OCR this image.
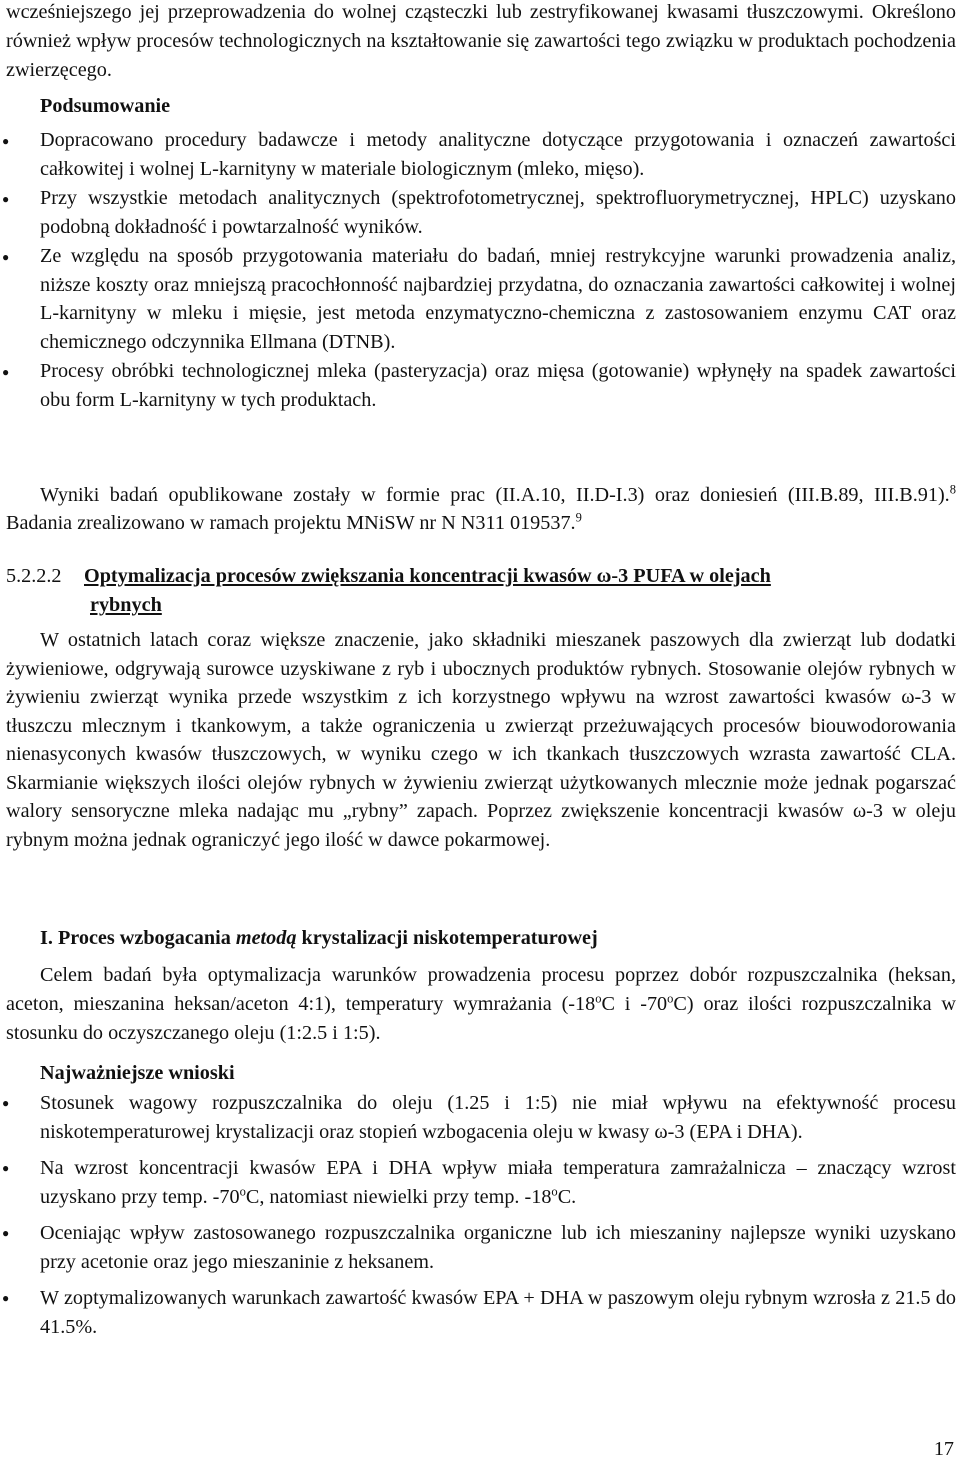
wcześniejszego jej przeprowadzenia do wolnej cząsteczki lub zestryfikowanej kwasami tłuszczowymi. Określono również wpływ procesów technologicznych na kształtowanie się zawartości tego związku w produktach pochodzenia zwierzęcego.

Podsumowanie
● Dopracowano procedury badawcze i metody analityczne dotyczące przygotowania i oznaczeń zawartości całkowitej i wolnej L-karnityny w materiale biologicznym (mleko, mięso).
● Przy wszystkie metodach analitycznych (spektrofotometrycznej, spektrofluorymetrycznej, HPLC) uzyskano podobną dokładność i powtarzalność wyników.
● Ze względu na sposób przygotowania materiału do badań, mniej restrykcyjne warunki prowadzenia analiz, niższe koszty oraz mniejszą pracochłonność najbardziej przydatna, do oznaczania zawartości całkowitej i wolnej L-karnityny w mleku i mięsie, jest metoda enzymatyczno-chemiczna z zastosowaniem enzymu CAT oraz chemicznego odczynnika Ellmana (DTNB).
● Procesy obróbki technologicznej mleka (pasteryzacja) oraz mięsa (gotowanie) wpłynęły na spadek zawartości obu form L-karnityny w tych produktach.

Wyniki badań opublikowane zostały w formie prac (II.A.10, II.D-I.3) oraz doniesień (III.B.89, III.B.91).$^8$ Badania zrealizowano w ramach projektu MNiSW nr N N311 019537.$^9$

5.2.2.2 Optymalizacja procesów zwiększania koncentracji kwasów ω-3 PUFA w olejach
rybnych

W ostatnich latach coraz większe znaczenie, jako składniki mieszanek paszowych dla zwierząt lub dodatki żywieniowe, odgrywają surowce uzyskiwane z ryb i ubocznych produktów rybnych. Stosowanie olejów rybnych w żywieniu zwierząt wynika przede wszystkim z ich korzystnego wpływu na wzrost zawartości kwasów ω-3 w tłuszczu mlecznym i tkankowym, a także ograniczenia u zwierząt przeżuwających procesów biouwodorowania nienasyconych kwasów tłuszczowych, w wyniku czego w ich tkankach tłuszczowych wzrasta zawartość CLA. Skarmianie większych ilości olejów rybnych w żywieniu zwierząt użytkowanych mlecznie może jednak pogarszać walory sensoryczne mleka nadając mu „rybny” zapach. Poprzez zwiększenie koncentracji kwasów ω-3 w oleju rybnym można jednak ograniczyć jego ilość w dawce pokarmowej.

I. Proces wzbogacania metodą krystalizacji niskotemperaturowej

Celem badań była optymalizacja warunków prowadzenia procesu poprzez dobór rozpuszczalnika (heksan, aceton, mieszanina heksan/aceton 4:1), temperatury wymrażania (-18$^o$C i -70$^o$C) oraz ilości rozpuszczalnika w stosunku do oczyszczanego oleju (1:2.5 i 1:5).

Najważniejsze wnioski
● Stosunek wagowy rozpuszczalnika do oleju (1.25 i 1:5) nie miał wpływu na efektywność procesu niskotemperaturowej krystalizacji oraz stopień wzbogacenia oleju w kwasy ω-3 (EPA i DHA).
● Na wzrost koncentracji kwasów EPA i DHA wpływ miała temperatura zamrażalnicza – znaczący wzrost uzyskano przy temp. -70$^o$C, natomiast niewielki przy temp. -18$^o$C.
● Oceniając wpływ zastosowanego rozpuszczalnika organiczne lub ich mieszaniny najlepsze wyniki uzyskano przy acetonie oraz jego mieszaninie z heksanem.
● W zoptymalizowanych warunkach zawartość kwasów EPA + DHA w paszowym oleju rybnym wzrosła z 21.5 do 41.5%.
17
